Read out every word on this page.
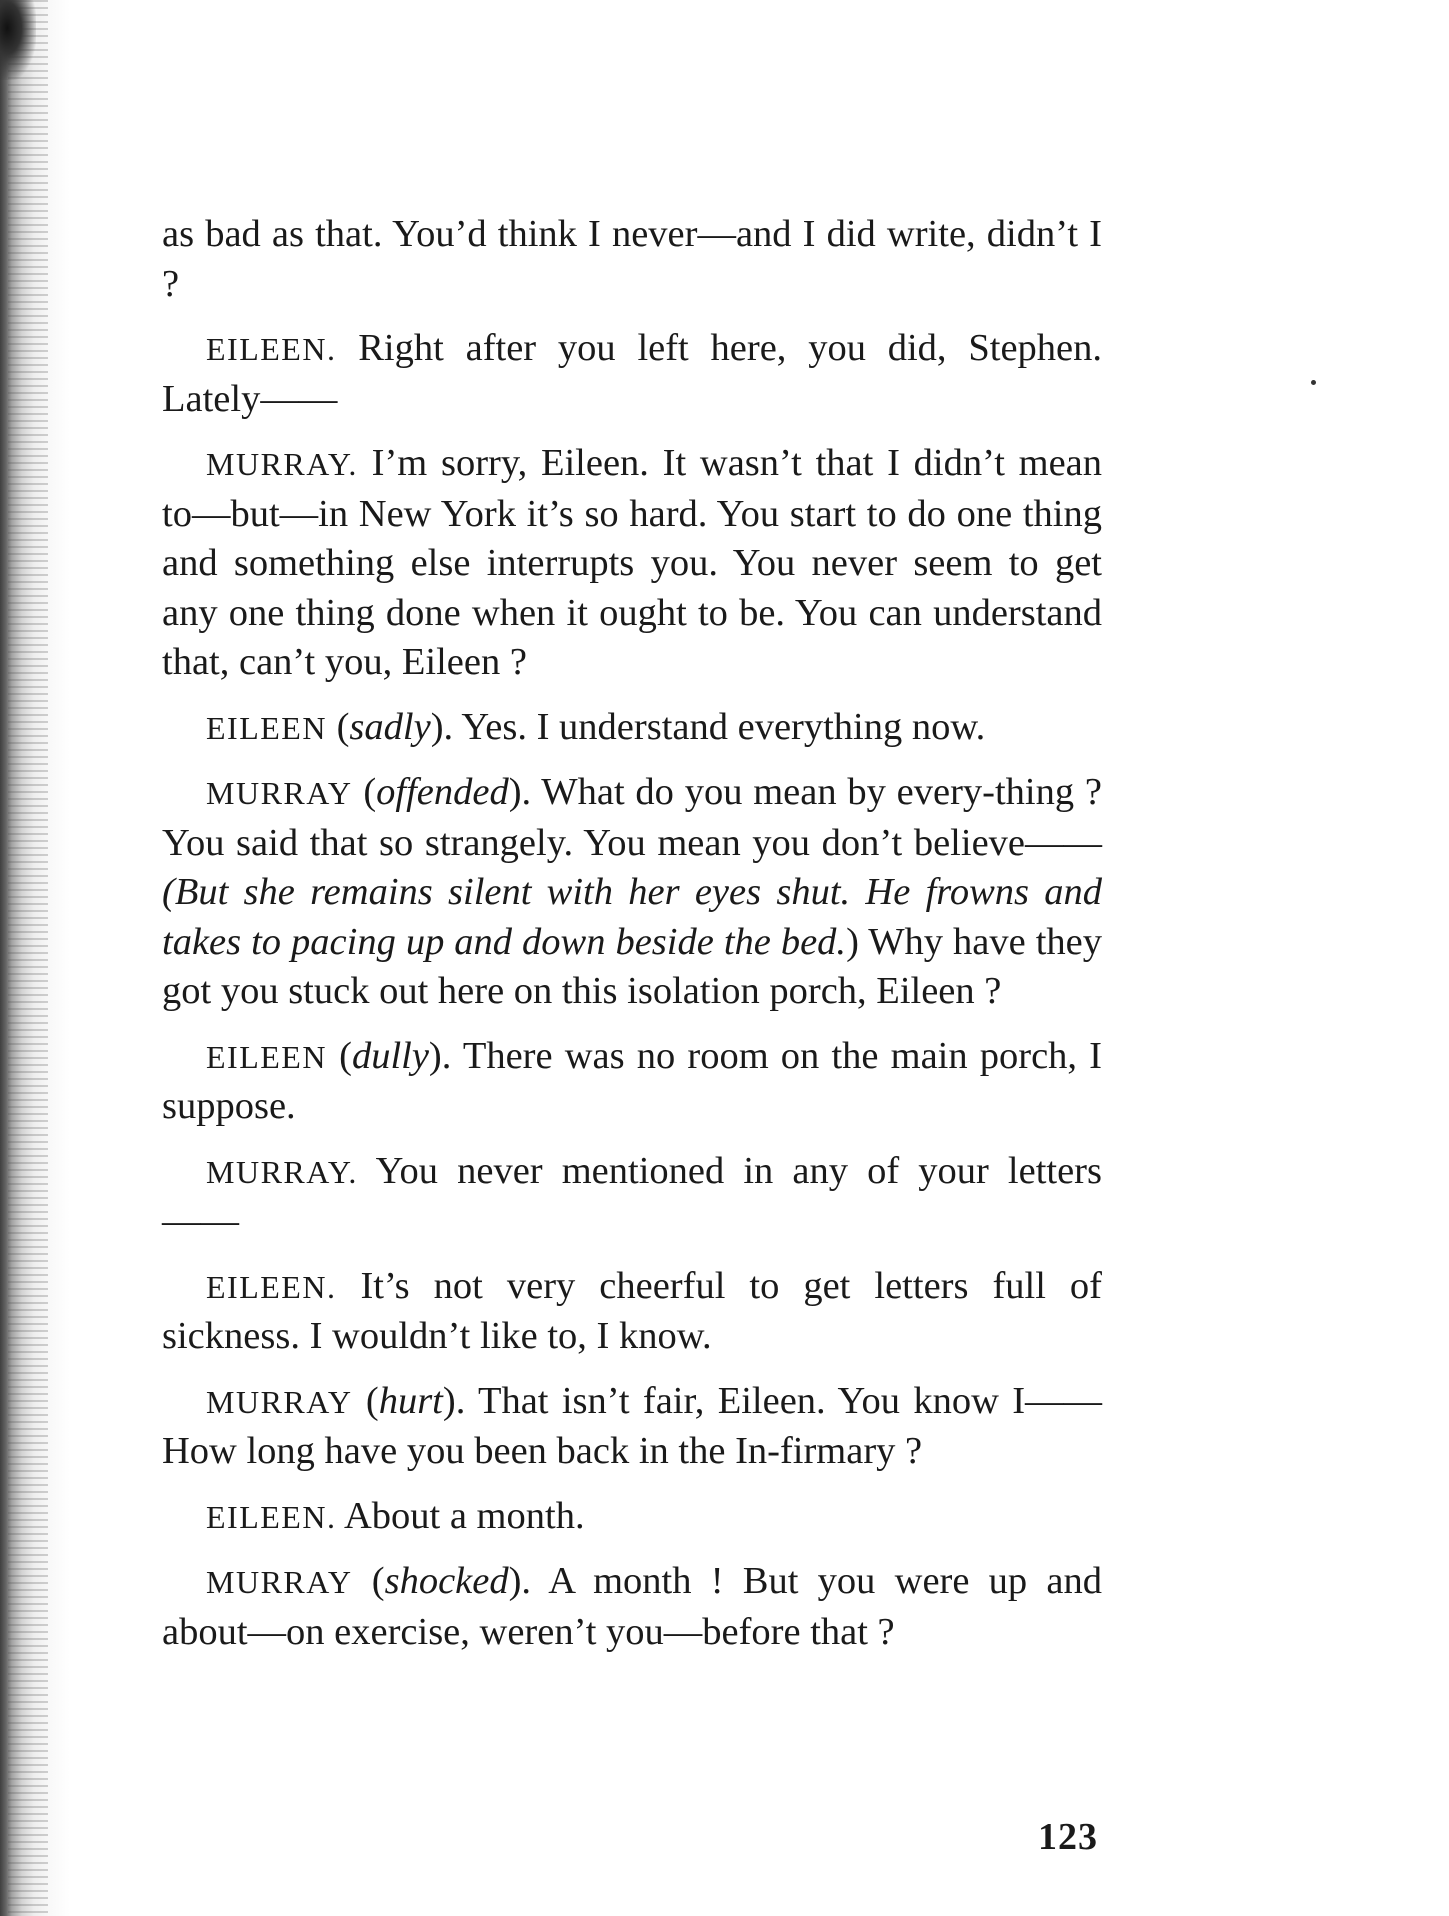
as bad as that. You’d think I never—and I did write, didn’t I ?

EILEEN. Right after you left here, you did, Stephen. Lately——

MURRAY. I’m sorry, Eileen. It wasn’t that I didn’t mean to—but—in New York it’s so hard. You start to do one thing and something else interrupts you. You never seem to get any one thing done when it ought to be. You can understand that, can’t you, Eileen ?

EILEEN (sadly). Yes. I understand everything now.

MURRAY (offended). What do you mean by every-thing ? You said that so strangely. You mean you don’t believe—— (But she remains silent with her eyes shut. He frowns and takes to pacing up and down beside the bed.) Why have they got you stuck out here on this isolation porch, Eileen ?

EILEEN (dully). There was no room on the main porch, I suppose.

MURRAY. You never mentioned in any of your letters——

EILEEN. It’s not very cheerful to get letters full of sickness. I wouldn’t like to, I know.

MURRAY (hurt). That isn’t fair, Eileen. You know I—— How long have you been back in the In-firmary ?

EILEEN. About a month.

MURRAY (shocked). A month ! But you were up and about—on exercise, weren’t you—before that ?

123
